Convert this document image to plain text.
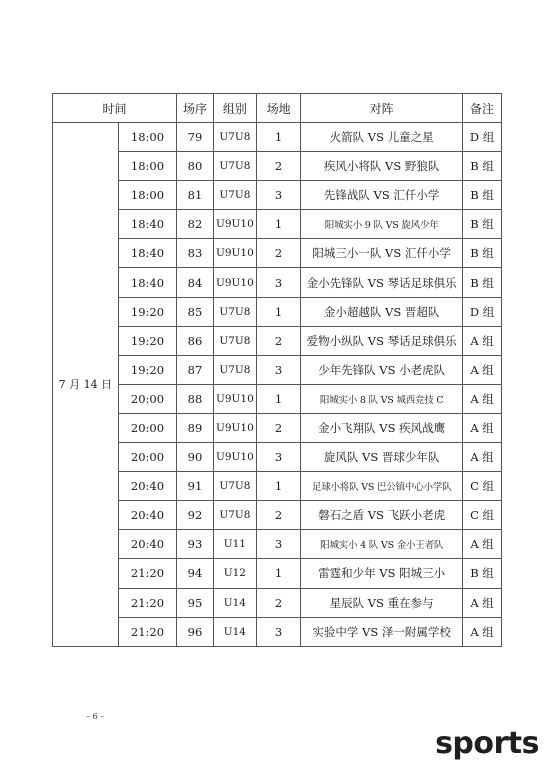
时间		场序	组别	场地	对阵	备注
7 月 14 日	18:00	79	U7U8	1	火箭队 VS 儿童之星	D 组
	18:00	80	U7U8	2	疾风小将队 VS 野狼队	B 组
	18:00	81	U7U8	3	先锋战队 VS 汇仟小学	B 组
	18:40	82	U9U10	1	阳城实小 9 队 VS 旋风少年	B 组
	18:40	83	U9U10	2	阳城三小一队 VS 汇仟小学	B 组
	18:40	84	U9U10	3	金小先锋队 VS 琴话足球俱乐	B 组
	19:20	85	U7U8	1	金小超越队 VS 晋超队	D 组
	19:20	86	U7U8	2	爱物小纵队 VS 琴话足球俱乐	A 组
	19:20	87	U7U8	3	少年先锋队 VS 小老虎队	A 组
	20:00	88	U9U10	1	阳城实小 8 队 VS 城西竞技 C	A 组
	20:00	89	U9U10	2	金小飞翔队 VS 疾风战鹰	A 组
	20:00	90	U9U10	3	旋风队 VS 晋球少年队	A 组
	20:40	91	U7U8	1	足球小将队 VS 巴公镇中心小学队	C 组
	20:40	92	U7U8	2	磐石之盾 VS 飞跃小老虎	C 组
	20:40	93	U11	3	阳城实小 4 队 VS 金小王者队	A 组
	21:20	94	U12	1	雷霆和少年 VS 阳城三小	B 组
	21:20	95	U14	2	星辰队 VS 重在参与	A 组
	21:20	96	U14	3	实验中学 VS 泽一附属学校	A 组
– 6 –
sports
